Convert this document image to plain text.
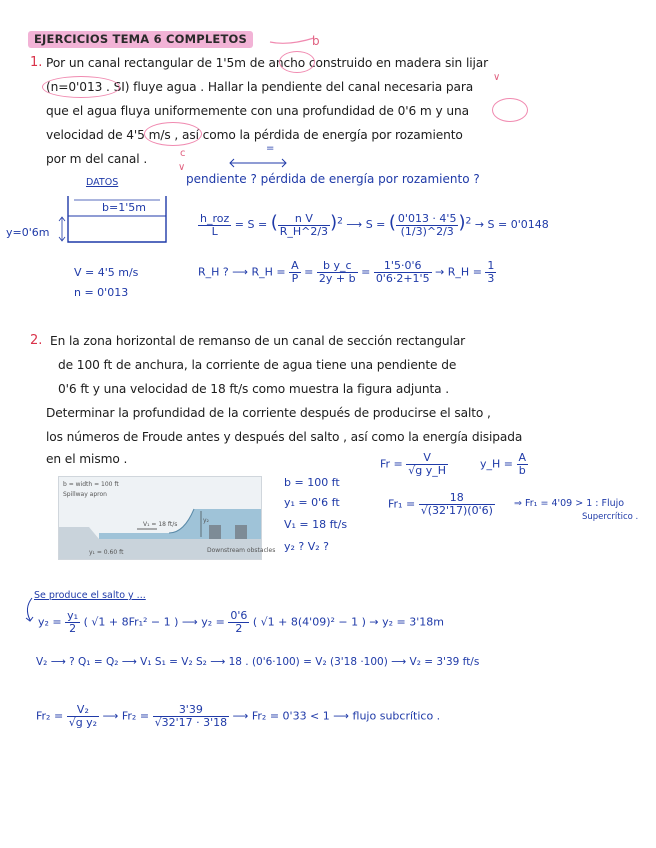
EJERCICIOS TEMA 6 COMPLETOS	b
1. Por un canal rectangular de 1'5m de ancho construido en madera sin lijar
(n=0'013 . SI) fluye agua . Hallar la pendiente del canal necesaria para
que el agua fluya uniformemente con una profundidad de 0'6 m y una
velocidad de 4'5 m/s , así como la pérdida de energía por rozamiento
por m del canal .
∨
=
c
∨
DATOS
b=1'5m
y=0'6m
V = 4'5 m/s
n = 0'013
pendiente ? pérdida de energía por rozamiento ?
$\frac{\text{h\_roz}}{L} = S$ = ( $\frac{\text{n V}}{R\_H\^{}2/3} )^2$ ⟶ S = ( $\frac{0'013 \cdot 4'5}{(1/3)\^{}2/3} )^2 \to S = 0'0148$
R_H ? ⟶ R_H = $\frac{A}{P} = \frac{\text{b y\_c}}{2y + b} = \frac{1'5\cdot 0'6}{0'6\cdot 2+1'5}$ → R_H = $\frac{1}{3}$
2. En la zona horizontal de remanso de un canal de sección rectangular
de 100 ft de anchura, la corriente de agua tiene una pendiente de
0'6 ft y una velocidad de 18 ft/s como muestra la figura adjunta .
Determinar la profundidad de la corriente después de producirse el salto ,
los números de Froude antes y después del salto , así como la energía disipada
en el mismo .
b = width = 100 ft
Spillway apron
V₁ = 18 ft/s
y₁ = 0.60 ft
y₂
Downstream obstacles
$Fr = \frac{V}{\text{√g y\_H}}$	y_H = $\frac{A}{b}$
b = 100 ft
y₁ = 0'6 ft
V₁ = 18 ft/s
y₂ ? V₂ ?
$Fr_1 = \frac{18}{√(32'17)(0'6)}$ ⇒ Fr₁ = 4'09 > 1 : Flujo
Supercrítico .
Se produce el salto y ...
$y_2 = \frac{\text{y₁}}{2}$ ( √1 + 8Fr₁² − 1 ) ⟶ $y_2 = \frac{0'6}{2}$ ( √1 + 8(4'09)² − 1 ) → y₂ = 3'18m
V₂ ⟶ ? Q₁ = Q₂ ⟶ V₁ S₁ = V₂ S₂ ⟶ 18 . (0'6·100) = V₂ (3'18 ·100) ⟶ V₂ = 3'39 ft/s
$Fr_2 = \frac{\text{V₂}}{\text{√g y₂}}$ ⟶ $Fr_2 = \frac{3'39}{√32'17 \cdot 3'18}$ ⟶ Fr₂ = 0'33 < 1 ⟶ flujo subcrítico .
